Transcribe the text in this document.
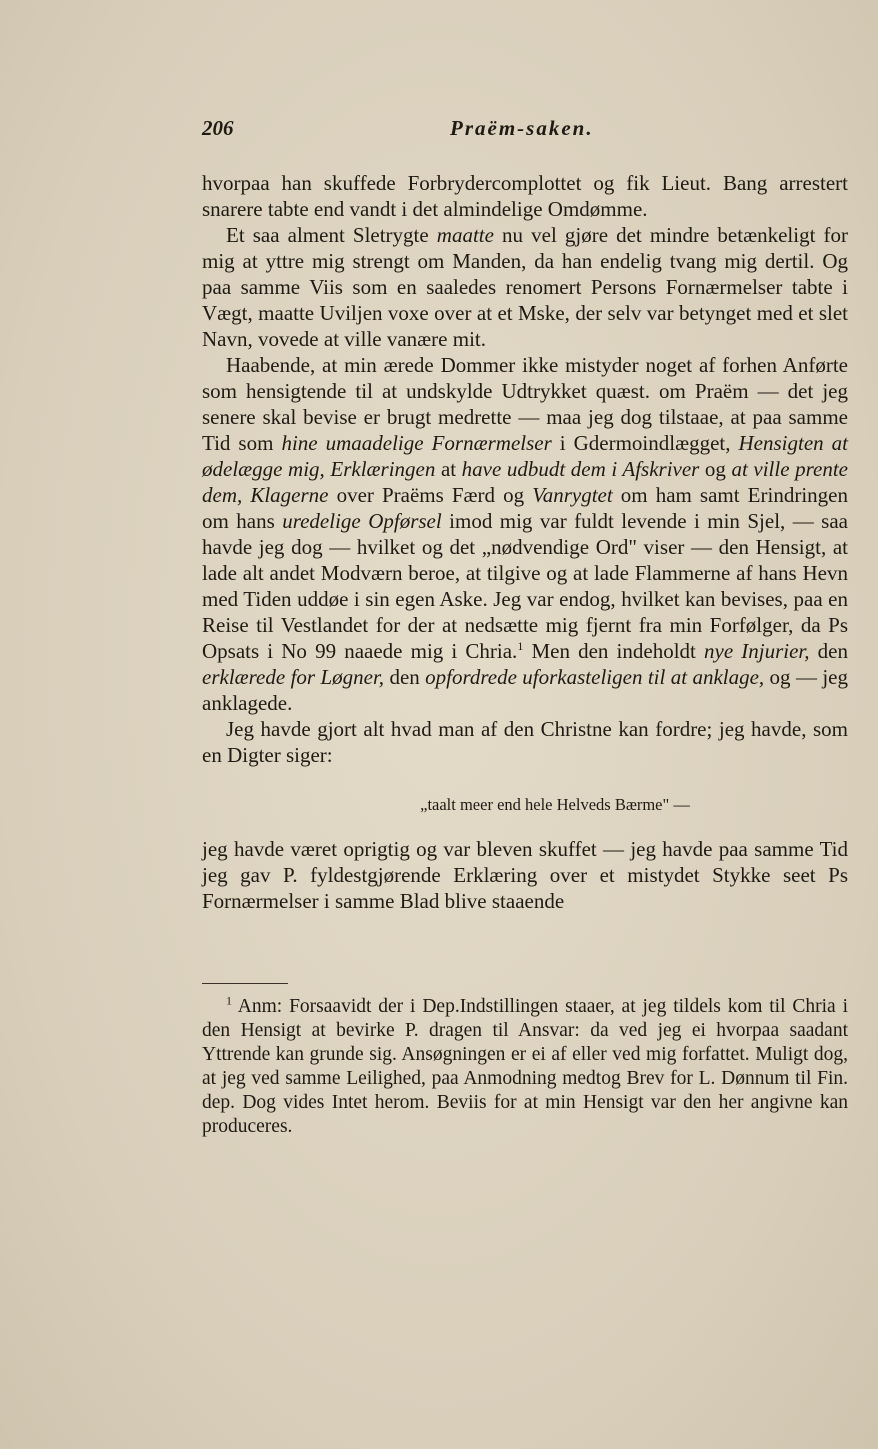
206	Praëm-saken.

hvorpaa han skuffede Forbrydercomplottet og fik Lieut. Bang arrestert snarere tabte end vandt i det almindelige Omdømme.

Et saa alment Sletrygte maatte nu vel gjøre det mindre betænkeligt for mig at yttre mig strengt om Manden, da han endelig tvang mig dertil. Og paa samme Viis som en saaledes renomert Persons Fornærmelser tabte i Vægt, maatte Uviljen voxe over at et Mske, der selv var betynget med et slet Navn, vovede at ville vanære mit.

Haabende, at min ærede Dommer ikke mistyder noget af forhen Anførte som hensigtende til at undskylde Udtrykket quæst. om Praëm — det jeg senere skal bevise er brugt medrette — maa jeg dog tilstaae, at paa samme Tid som hine umaadelige Fornærmelser i Gdermoindlægget, Hensigten at ødelægge mig, Erklæringen at have udbudt dem i Afskriver og at ville prente dem, Klagerne over Praëms Færd og Vanrygtet om ham samt Erindringen om hans uredelige Opførsel imod mig var fuldt levende i min Sjel, — saa havde jeg dog — hvilket og det „nødvendige Ord" viser — den Hensigt, at lade alt andet Modværn beroe, at tilgive og at lade Flammerne af hans Hevn med Tiden uddøe i sin egen Aske. Jeg var endog, hvilket kan bevises, paa en Reise til Vestlandet for der at nedsætte mig fjernt fra min Forfølger, da Ps Opsats i No 99 naaede mig i Chria.$^1$ Men den indeholdt nye Injurier, den erklærede for Løgner, den opfordrede uforkasteligen til at anklage, og — jeg anklagede.

Jeg havde gjort alt hvad man af den Christne kan fordre; jeg havde, som en Digter siger:

„taalt meer end hele Helveds Bærme" —

jeg havde været oprigtig og var bleven skuffet — jeg havde paa samme Tid jeg gav P. fyldestgjørende Erklæring over et mistydet Stykke seet Ps Fornærmelser i samme Blad blive staaende

$^1$ Anm: Forsaavidt der i Dep.Indstillingen staaer, at jeg tildels kom til Chria i den Hensigt at bevirke P. dragen til Ansvar: da ved jeg ei hvorpaa saadant Yttrende kan grunde sig. Ansøgningen er ei af eller ved mig forfattet. Muligt dog, at jeg ved samme Leilighed, paa Anmodning medtog Brev for L. Dønnum til Fin. dep. Dog vides Intet herom. Beviis for at min Hensigt var den her angivne kan produceres.
